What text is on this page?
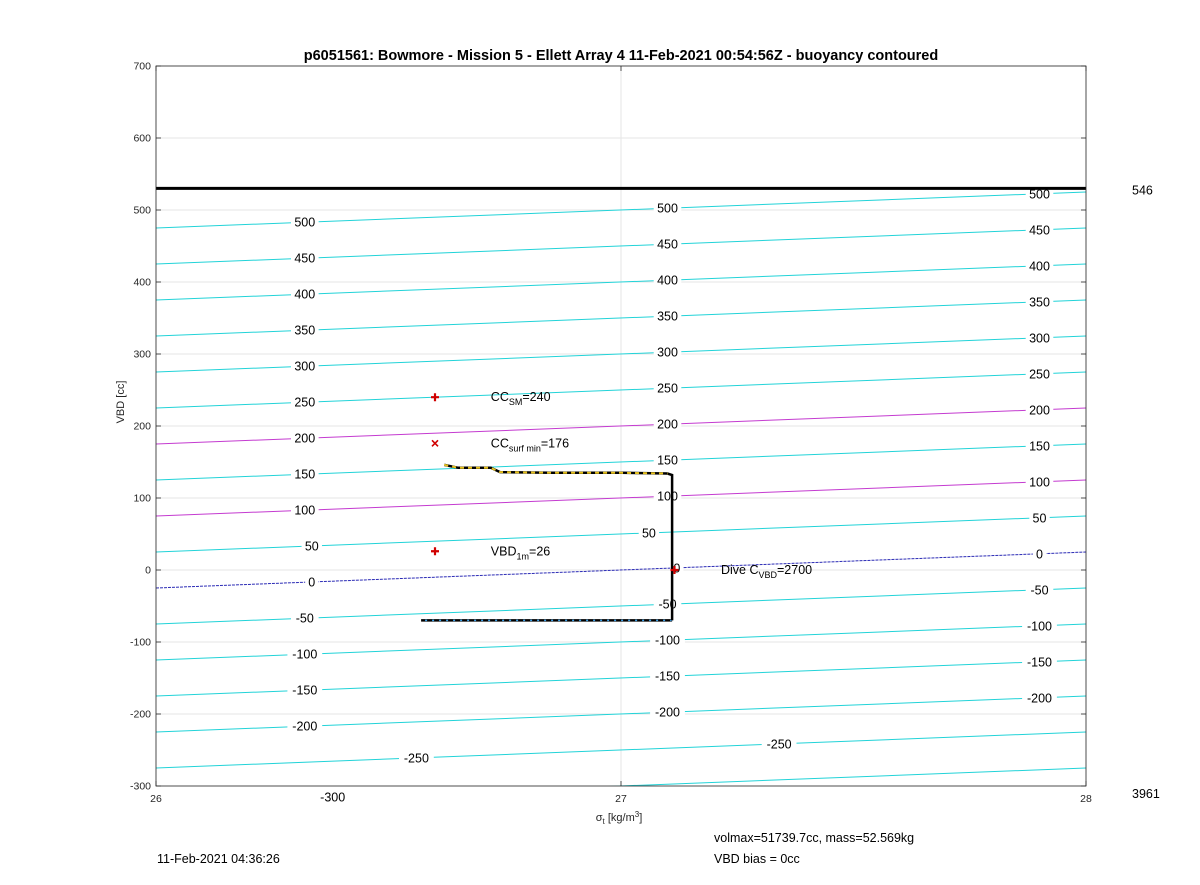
500
450
400
350
300
250
200
150
100
50
0
-50
-100
-150
-200
-250
-300
500
450
400
350
300
250
200
150
100
50
0
-50
-100
-150
-200
-250
500
450
400
350
300
250
200
150
100
50
0
-50
-100
-150
-200
$CC_{SM}=240$
$CC_{surf min}=176$
$VBD_{1m}=26$
Dive $C_{VBD}=2700$
-300
-200
-100
0
100
200
300
400
500
600
700
26	27	28
p6051561: Bowmore - Mission 5 - Ellett Array 4 11-Feb-2021 00:54:56Z - buoyancy contoured
VBD [cc]
$\sigma_t$ $[kg/m^3]$
546
3961
11-Feb-2021 04:36:26
volmax=51739.7cc, mass=52.569kg
VBD bias = 0cc
